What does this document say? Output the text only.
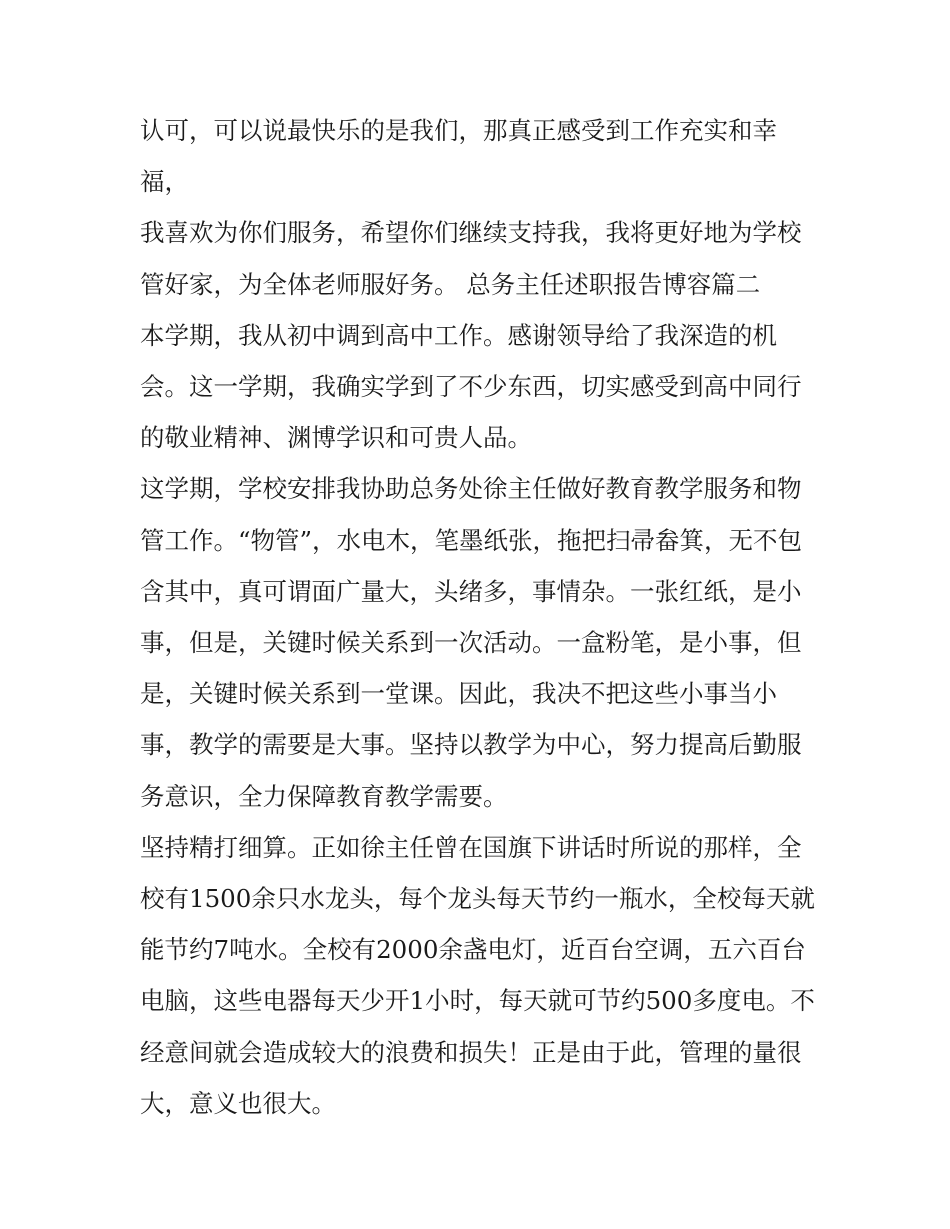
认可，可以说最快乐的是我们，那真正感受到工作充实和幸福，

我喜欢为你们服务，希望你们继续支持我，我将更好地为学校管好家，为全体老师服好务。 总务主任述职报告博容篇二

本学期，我从初中调到高中工作。感谢领导给了我深造的机会。这一学期，我确实学到了不少东西，切实感受到高中同行的敬业精神、渊博学识和可贵人品。

这学期，学校安排我协助总务处徐主任做好教育教学服务和物管工作。“物管”，水电木，笔墨纸张，拖把扫帚畚箕，无不包含其中，真可谓面广量大，头绪多，事情杂。一张红纸，是小事，但是，关键时候关系到一次活动。一盒粉笔，是小事，但是，关键时候关系到一堂课。因此，我决不把这些小事当小事，教学的需要是大事。坚持以教学为中心，努力提高后勤服务意识，全力保障教育教学需要。

坚持精打细算。正如徐主任曾在国旗下讲话时所说的那样，全校有1500余只水龙头，每个龙头每天节约一瓶水，全校每天就能节约7吨水。全校有2000余盏电灯，近百台空调，五六百台电脑，这些电器每天少开1小时，每天就可节约500多度电。不经意间就会造成较大的浪费和损失！正是由于此，管理的量很大，意义也很大。
